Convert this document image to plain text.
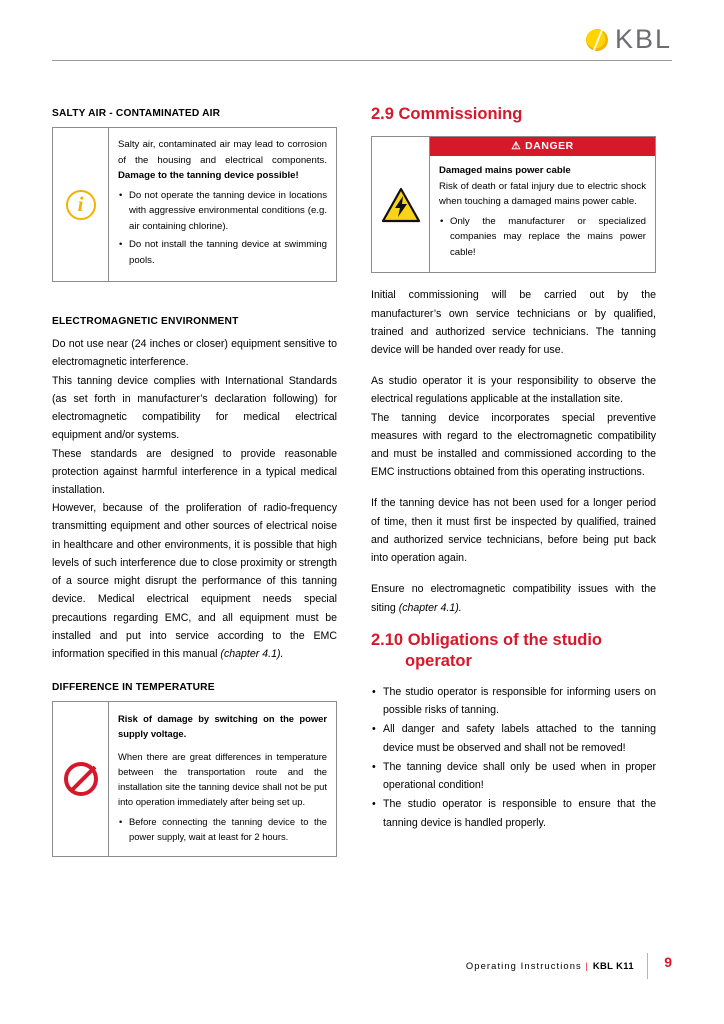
KBL
SALTY AIR - CONTAMINATED AIR
i
Salty air, contaminated air may lead to corrosion of the housing and electrical components. Damage to the tanning device possible!
• Do not operate the tanning device in locations with aggressive environmental conditions (e.g. air containing chlorine).
• Do not install the tanning device at swimming pools.
ELECTROMAGNETIC ENVIRONMENT

Do not use near (24 inches or closer) equipment sensitive to electromagnetic interference.

This tanning device complies with International Standards (as set forth in manufacturer’s declaration following) for electromagnetic compatibility for medical electrical equipment and/or systems.

These standards are designed to provide reasonable protection against harmful interference in a typical medical installation.

However, because of the proliferation of radio-frequency transmitting equipment and other sources of electrical noise in healthcare and other environments, it is possible that high levels of such interference due to close proximity or strength of a source might disrupt the performance of this tanning device. Medical electrical equipment needs special precautions regarding EMC, and all equipment must be installed and put into service according to the EMC information specified in this manual (chapter 4.1).

DIFFERENCE IN TEMPERATURE
Risk of damage by switching on the power supply voltage.
When there are great differences in temperature between the transportation route and the installation site the tanning device shall not be put into operation immediately after being set up.
• Before connecting the tanning device to the power supply, wait at least for 2 hours.
2.9 Commissioning
⚠ DANGER
Damaged mains power cable
Risk of death or fatal injury due to electric shock when touching a damaged mains power cable.
• Only the manufacturer or specialized companies may replace the mains power cable!

Initial commissioning will be carried out by the manufacturer’s own service technicians or by qualified, trained and authorized service technicians. The tanning device will be handed over ready for use.

As studio operator it is your responsibility to observe the electrical regulations applicable at the installation site.

The tanning device incorporates special preventive measures with regard to the electromagnetic compatibility and must be installed and commissioned according to the EMC instructions obtained from this operating instructions.

If the tanning device has not been used for a longer period of time, then it must first be inspected by qualified, trained and authorized service technicians, before being put back into operation again.

Ensure no electromagnetic compatibility issues with the siting (chapter 4.1).

2.10 Obligations of the studio
operator
• The studio operator is responsible for informing users on possible risks of tanning.
• All danger and safety labels attached to the tanning device must be observed and shall not be removed!
• The tanning device shall only be used when in proper operational condition!
• The studio operator is responsible to ensure that the tanning device is handled properly.
Operating Instructions | KBL K11 9
